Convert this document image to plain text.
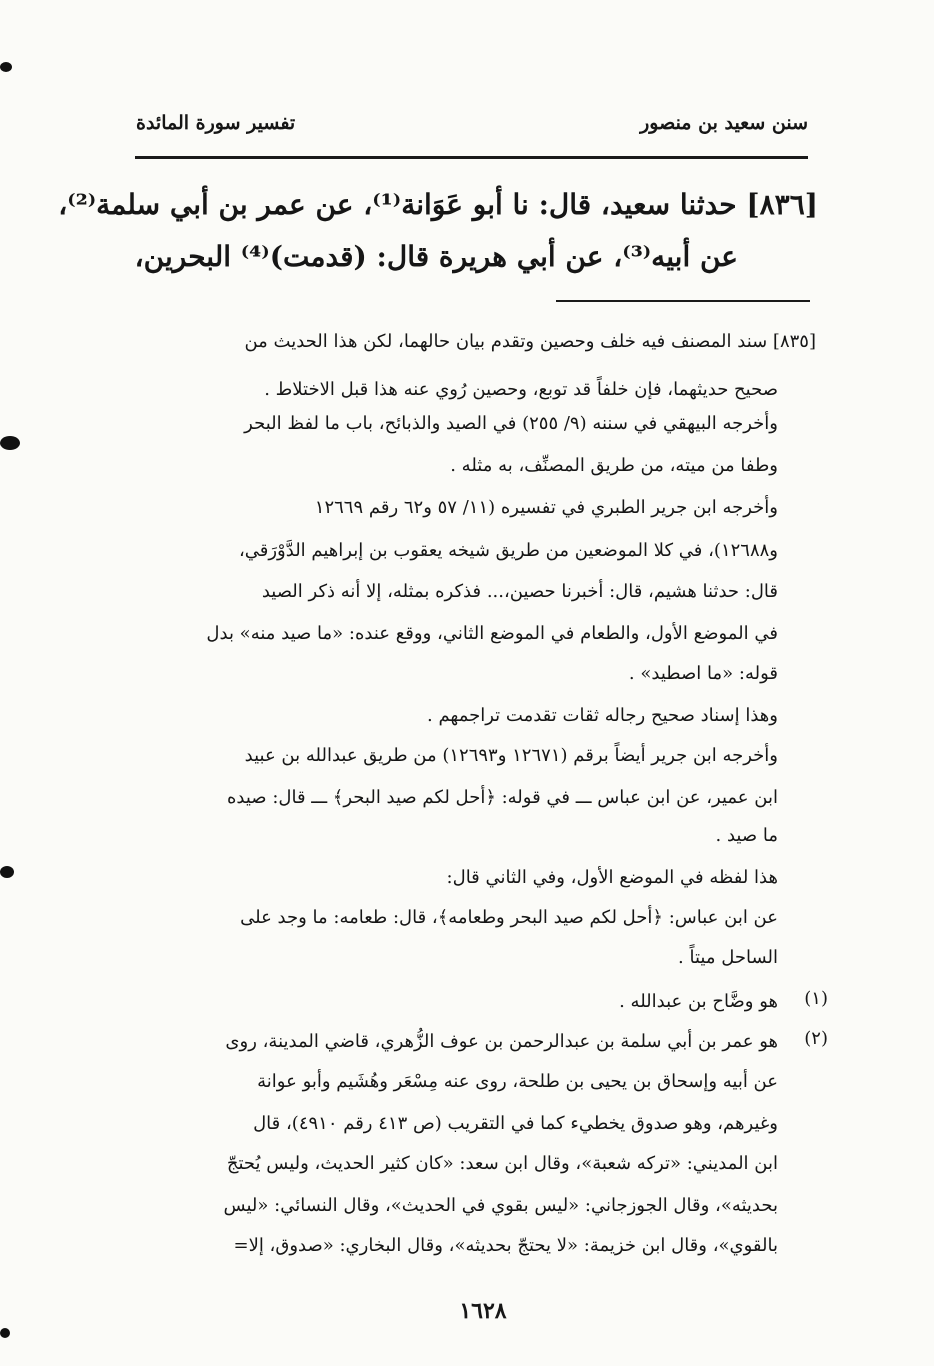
سنن سعيد بن منصور
تفسير سورة المائدة
[٨٣٦] حدثنا سعيد، قال: نا أبو عَوَانة⁽¹⁾، عن عمر بن أبي سلمة⁽²⁾،
عن أبيه⁽³⁾، عن أبي هريرة قال: (قدمت)⁽⁴⁾ البحرين،
[٨٣٥] سند المصنف فيه خلف وحصين وتقدم بيان حالهما، لكن هذا الحديث من
صحيح حديثهما، فإن خلفاً قد توبع، وحصين رُوي عنه هذا قبل الاختلاط .
وأخرجه البيهقي في سننه (٩/ ٢٥٥) في الصيد والذبائح، باب ما لفظ البحر
وطفا من ميته، من طريق المصنِّف، به مثله .
وأخرجه ابن جرير الطبري في تفسيره (١١/ ٥٧ و٦٢ رقم ١٢٦٦٩
و١٢٦٨٨)، في كلا الموضعين من طريق شيخه يعقوب بن إبراهيم الدَّوْرَقي،
قال: حدثنا هشيم، قال: أخبرنا حصين،... فذكره بمثله، إلا أنه ذكر الصيد
في الموضع الأول، والطعام في الموضع الثاني، ووقع عنده: «ما صيد منه» بدل
قوله: «ما اصطيد» .
وهذا إسناد صحيح رجاله ثقات تقدمت تراجمهم .
وأخرجه ابن جرير أيضاً برقم (١٢٦٧١ و١٢٦٩٣) من طريق عبدالله بن عبيد
ابن عمير، عن ابن عباس ـــ في قوله: ﴿أحل لكم صيد البحر﴾ ـــ قال: صيده
ما صيد .
هذا لفظه في الموضع الأول، وفي الثاني قال:
عن ابن عباس: ﴿أحل لكم صيد البحر وطعامه﴾، قال: طعامه: ما وجد على
الساحل ميتاً .
(١)
هو وضَّاح بن عبدالله .
(٢)
هو عمر بن أبي سلمة بن عبدالرحمن بن عوف الزُّهري، قاضي المدينة، روى
عن أبيه وإسحاق بن يحيى بن طلحة، روى عنه مِسْعَر وهُشَيم وأبو عوانة
وغيرهم، وهو صدوق يخطيء كما في التقريب (ص ٤١٣ رقم ٤٩١٠)، قال
ابن المديني: «تركه شعبة»، وقال ابن سعد: «كان كثير الحديث، وليس يُحتجّ
بحديثه»، وقال الجوزجاني: «ليس بقوي في الحديث»، وقال النسائي: «ليس
بالقوي»، وقال ابن خزيمة: «لا يحتجّ بحديثه»، وقال البخاري: «صدوق، إلا=
١٦٢٨
